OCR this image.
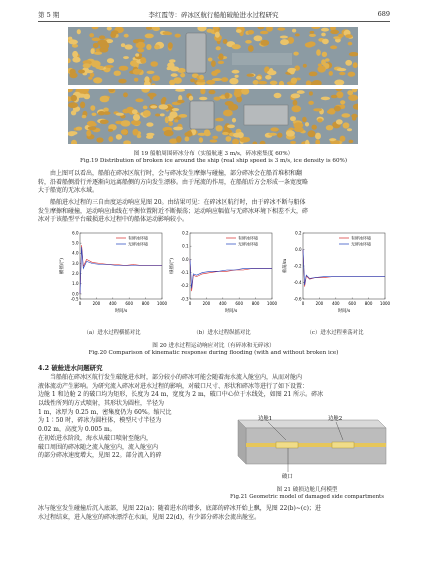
第 5 期	李红霞等：碎冰区航行船舶破舱进水过程研究	689
图 19 船舶周围碎冰分布（实船航速 3 m/s，碎冰密集度 60%）
Fig.19 Distribution of broken ice around the ship (real ship speed is 3 m/s, ice density is 60%)
由上图可以看出，船舶在碎冰区航行时，会与碎冰发生摩擦与碰撞，部分碎冰会在船首堆积和翻
转，沿着船侧滑行并逐渐向远离船侧的方向发生漂移。由于尾流的作用，在船舶后方会形成一条宽度略
大于船宽的无冰水域。
船舶进水过程的三自由度运动响应见图 20。由结果可见：在碎冰区航行时，由于碎冰不断与船体
发生摩擦和碰撞，运动响应曲线在平衡位置附近不断振荡；运动响应幅值与无碎冰环境下相差不大，碎
冰对于该船型平台破损进水过程中的船体运动影响较小。
0	200 400 600 800 1000
-0.5
0.0
1.0
2.0
3.0
4.0
5.0
6.0
有碎冰环境
无碎冰环境
时间/s
横摇/(°)
0	200 400 600 800 1000
-0.3
-0.2
-0.1
0.0
0.1
0.2
有碎冰环境
无碎冰环境
时间/s
纵摇/(°)
0	200 400 600 800 1000
-0.6
-0.4
-0.2
0.0
0.2
有碎冰环境
无碎冰环境
时间/s
垂荡/m
（a）进水过程横摇对比	（b）进水过程纵摇对比	（c）进水过程垂荡对比
图 20 进水过程运动响应对比（有碎冰和无碎冰）
Fig.20 Comparison of kinematic response during flooding (with and without broken ice)
4.2 破舱进水问题研究
当船舶在碎冰区航行发生破舱进水时，部分较小的碎冰可能会随着海水流入舱室内，从而对舱内
液体流动产生影响。为研究流入碎冰对进水过程的影响，对破口尺寸、形状和碎冰等进行了如下设置：
边舱 1 和边舱 2 的破口均为矩形，长度为 24 m，宽度为 2 m，破口中心位于水线处，如图 21 所示。碎冰
以线性所列的方式喷射，其形状为圆柱，半径为
1 m，冰厚为 0.25 m，密集度仍为 60%。缩尺比
为 1∶50 时，碎冰为圆柱体，模型尺寸半径为
0.02 m，高度为 0.005 m。
在初始进水阶段，海水从破口喷射至舱内，
破口周围的碎冰随之流入舱室内，流入舱室内
的部分碎冰速度增大，见图 22。部分流入的碎
边舱1	边舱2
破口
图 21 破损边舱几何模型
Fig.21 Geometric model of damaged side compartments
冰与舱室发生碰撞后沉入底部，见图 22(a)；随着进水的增多，底部的碎冰开始上飘，见图 22(b)~(c)；进
水过程结束，进入舱室的碎冰漂浮在水面，见图 22(d)，有少部分碎冰会流出舱室。
